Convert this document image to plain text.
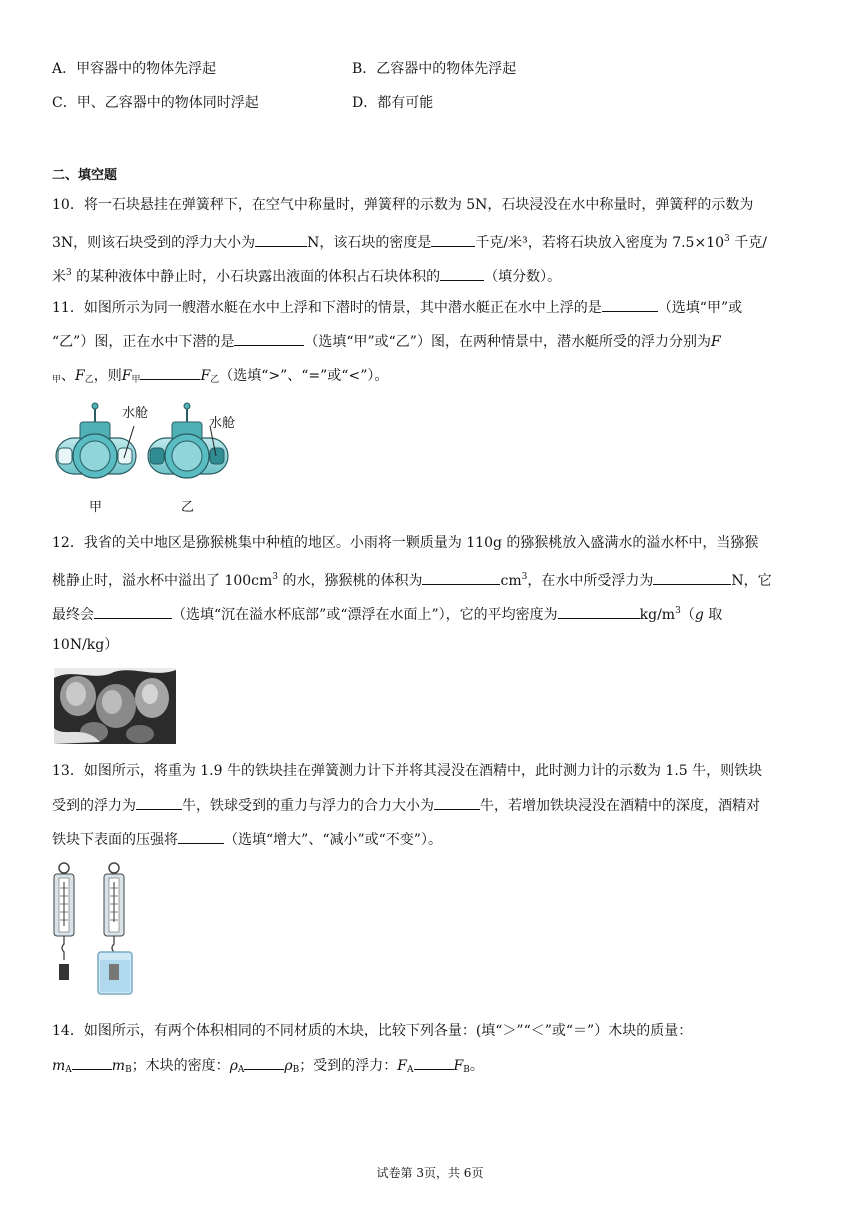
A．甲容器中的物体先浮起	B．乙容器中的物体先浮起
C．甲、乙容器中的物体同时浮起	D．都有可能
二、填空题
10．将一石块悬挂在弹簧秤下，在空气中称量时，弹簧秤的示数为 5N，石块浸没在水中称量时，弹簧秤的示数为
3N，则该石块受到的浮力大小为	N，该石块的密度是	千克/米³，若将石块放入密度为 $7.5\times 10^3$ 千克/
米$^3$ 的某种液体中静止时，小石块露出液面的体积占石块体积的	（填分数）。
11．如图所示为同一艘潜水艇在水中上浮和下潜时的情景，其中潜水艇正在水中上浮的是	（选填“甲”或
“乙”）图，正在水中下潜的是	（选填“甲”或“乙”）图，在两种情景中，潜水艇所受的浮力分别为F
$_甲$、$F_乙$，则$F_甲$	$F_乙$（选填“>”、“=”或“<”）。
水舱
水舱
甲	乙
12．我省的关中地区是猕猴桃集中种植的地区。小雨将一颗质量为 110g 的猕猴桃放入盛满水的溢水杯中，当猕猴
桃静止时，溢水杯中溢出了 $100cm^3$ 的水，猕猴桃的体积为	$cm^3$，在水中所受浮力为	N，它
最终会	（选填“沉在溢水杯底部”或“漂浮在水面上”），它的平均密度为	$kg/m^3(g$ 取
10N/kg）
13．如图所示，将重为 1.9 牛的铁块挂在弹簧测力计下并将其浸没在酒精中，此时测力计的示数为 1.5 牛，则铁块
受到的浮力为	牛，铁球受到的重力与浮力的合力大小为	牛，若增加铁块浸没在酒精中的深度，酒精对
铁块下表面的压强将	（选填“增大”、“减小”或“不变”）。
14．如图所示，有两个体积相同的不同材质的木块，比较下列各量：(填“＞”“＜”或“＝”）木块的质量：
$m_A$	$m_B$；木块的密度：$\rho_A$	$\rho_B$；受到的浮力：$F_A$	$F_B$。
试卷第 3页，共 6页
